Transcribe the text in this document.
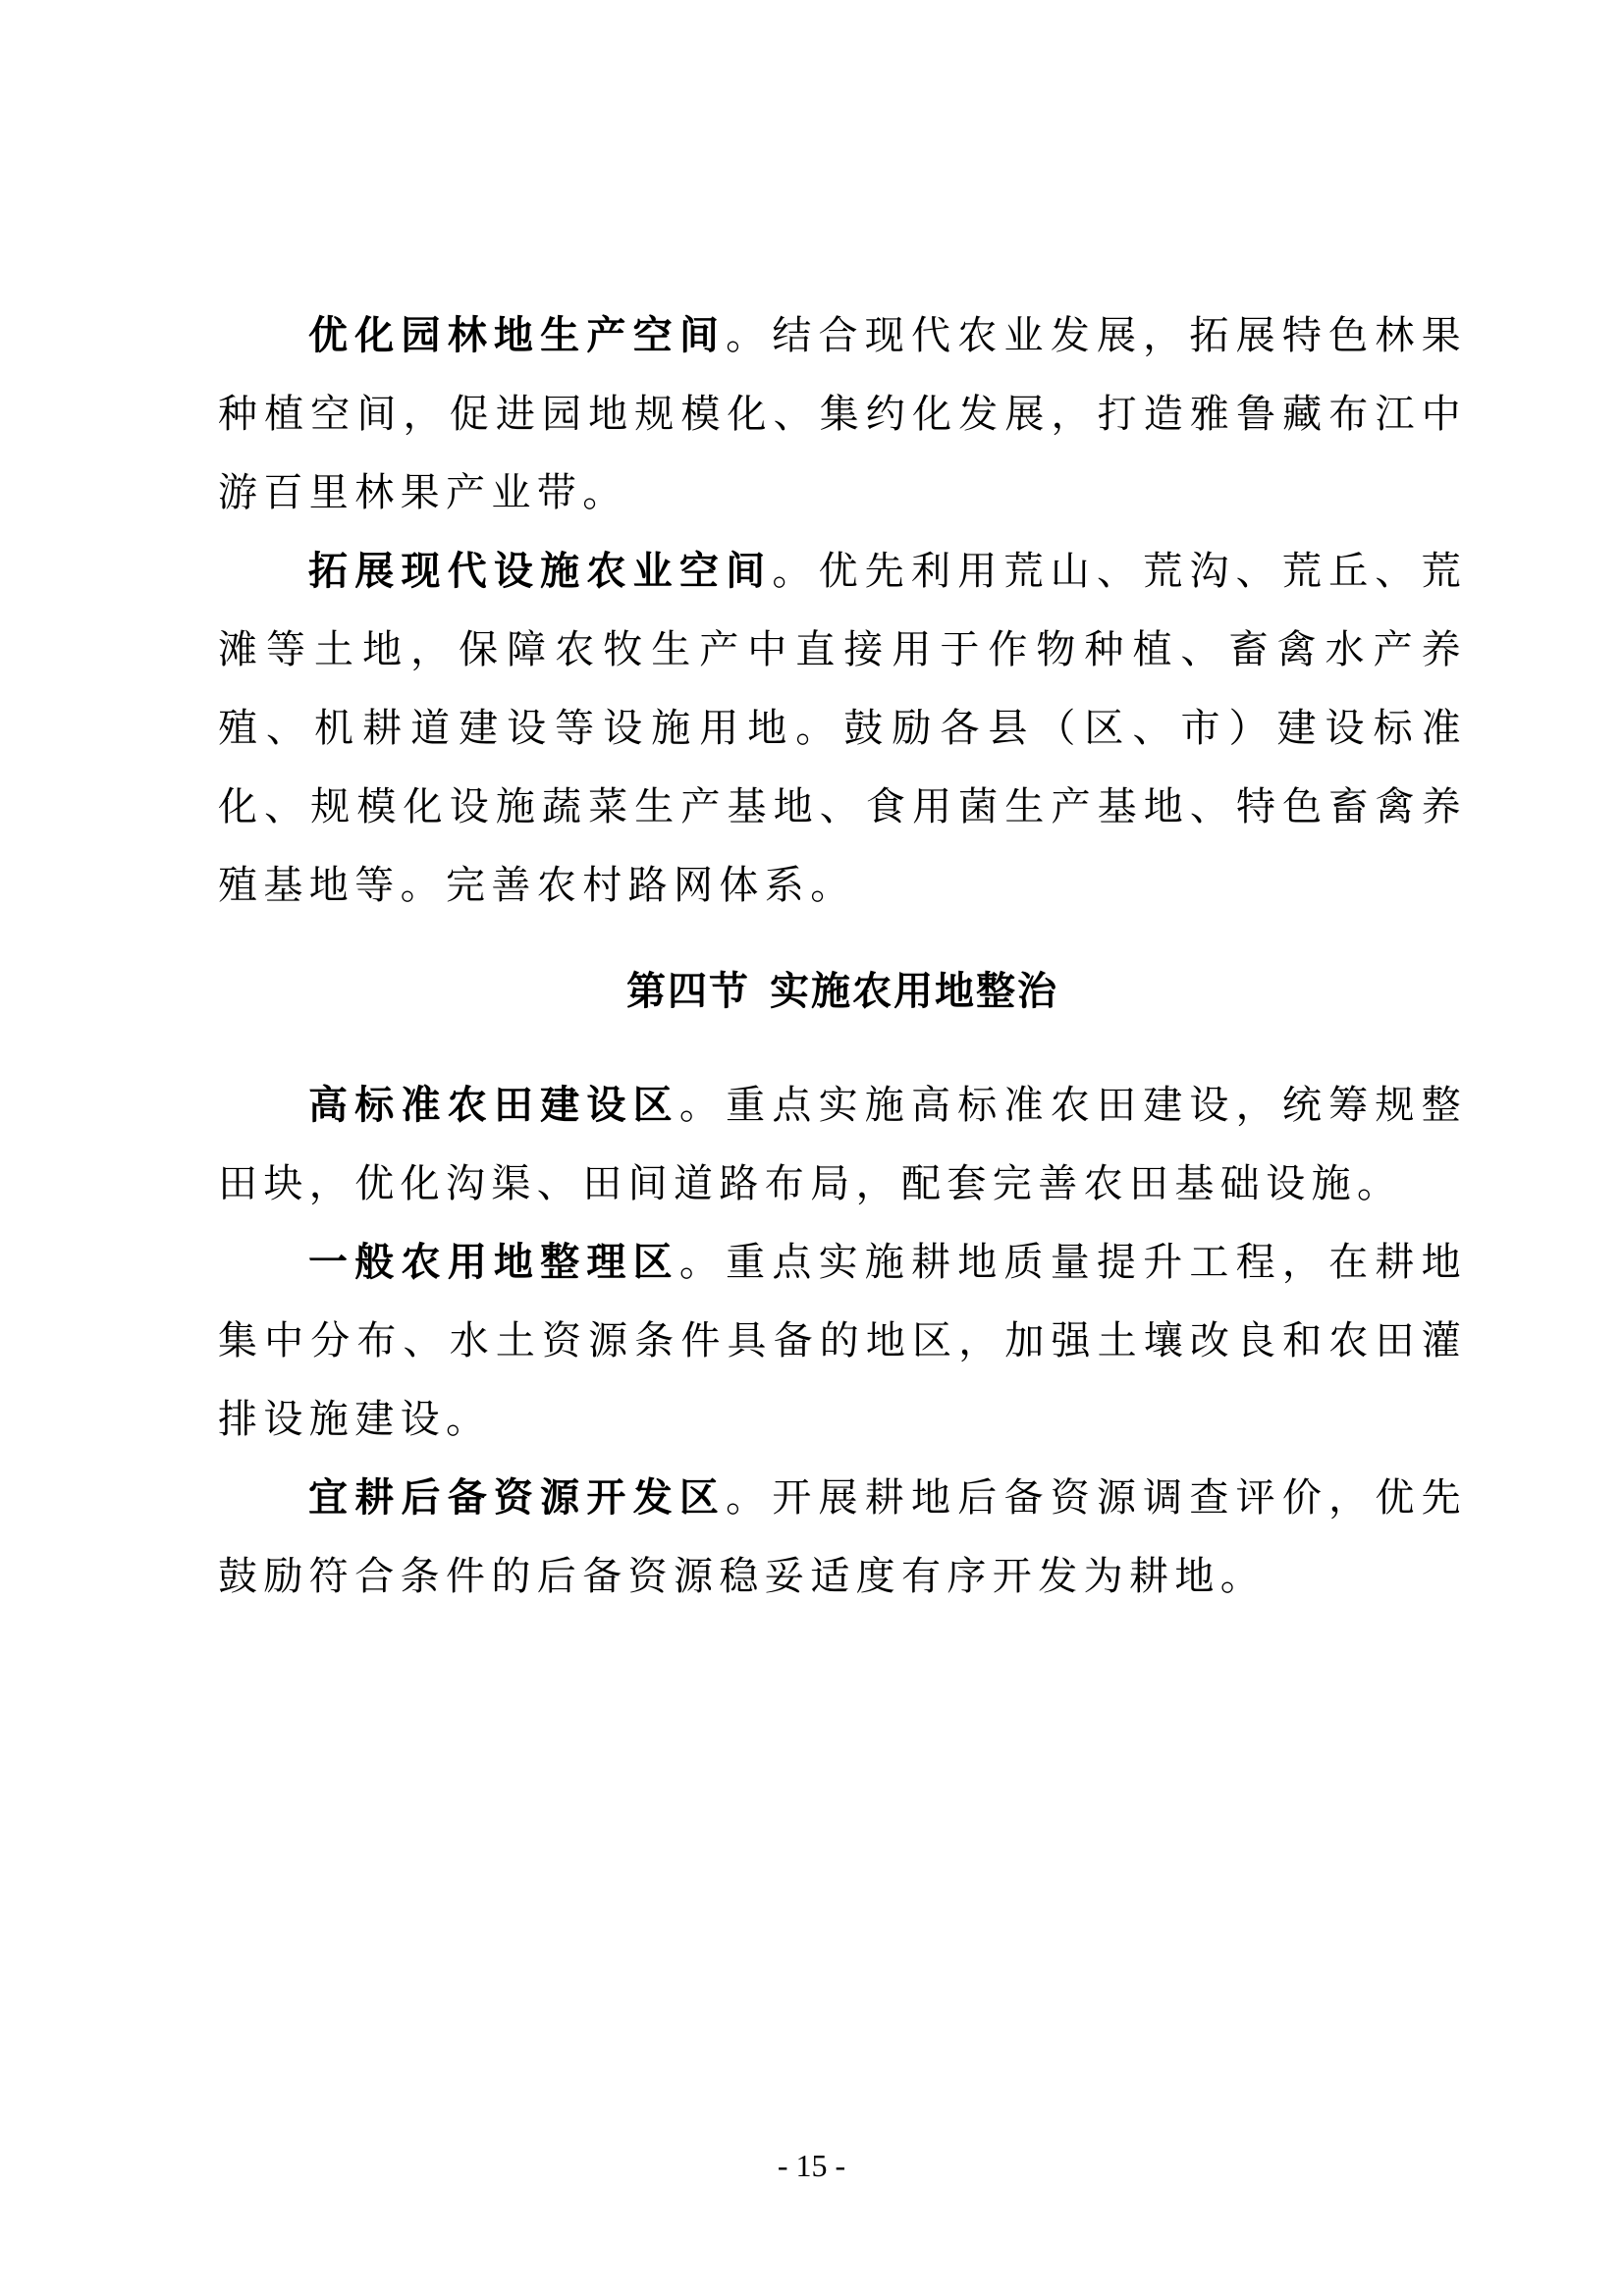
优化园林地生产空间。结合现代农业发展，拓展特色林果种植空间，促进园地规模化、集约化发展，打造雅鲁藏布江中游百里林果产业带。

拓展现代设施农业空间。优先利用荒山、荒沟、荒丘、荒滩等土地，保障农牧生产中直接用于作物种植、畜禽水产养殖、机耕道建设等设施用地。鼓励各县（区、市）建设标准化、规模化设施蔬菜生产基地、食用菌生产基地、特色畜禽养殖基地等。完善农村路网体系。

第四节 实施农用地整治

高标准农田建设区。重点实施高标准农田建设，统筹规整田块，优化沟渠、田间道路布局，配套完善农田基础设施。

一般农用地整理区。重点实施耕地质量提升工程，在耕地集中分布、水土资源条件具备的地区，加强土壤改良和农田灌排设施建设。

宜耕后备资源开发区。开展耕地后备资源调查评价，优先鼓励符合条件的后备资源稳妥适度有序开发为耕地。

- 15 -
